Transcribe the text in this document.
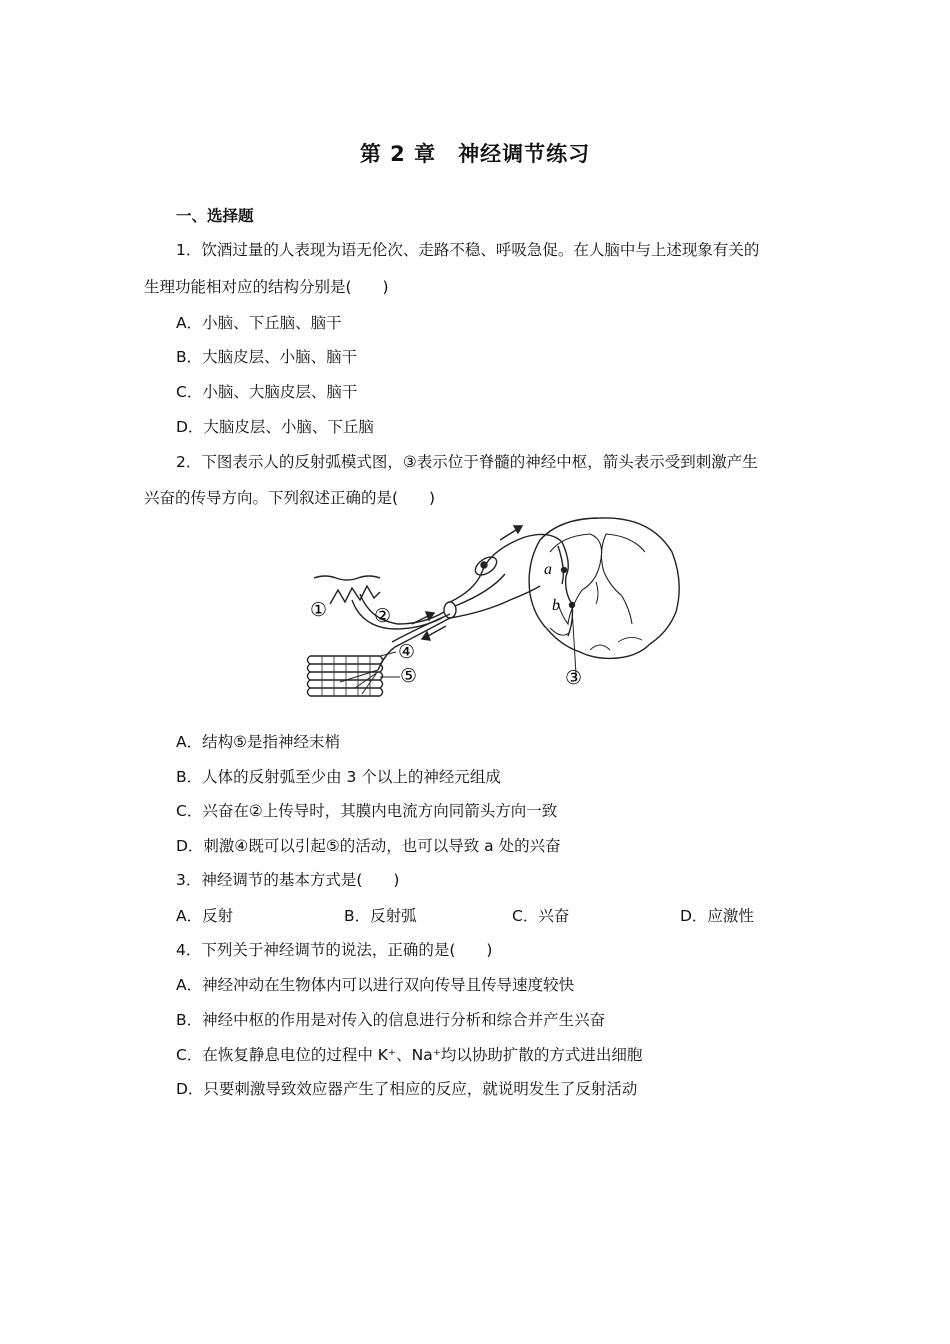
第 2 章　神经调节练习
一、选择题
1．饮酒过量的人表现为语无伦次、走路不稳、呼吸急促。在人脑中与上述现象有关的
生理功能相对应的结构分别是(　　)
A．小脑、下丘脑、脑干
B．大脑皮层、小脑、脑干
C．小脑、大脑皮层、脑干
D．大脑皮层、小脑、下丘脑
2．下图表示人的反射弧模式图，③表示位于脊髓的神经中枢，箭头表示受到刺激产生
兴奋的传导方向。下列叙述正确的是(　　)
① ②
④
⑤	③
a
b
A．结构⑤是指神经末梢
B．人体的反射弧至少由 3 个以上的神经元组成
C．兴奋在②上传导时，其膜内电流方向同箭头方向一致
D．刺激④既可以引起⑤的活动，也可以导致 a 处的兴奋
3．神经调节的基本方式是(　　)
A．反射	B．反射弧	C．兴奋	D．应激性
4．下列关于神经调节的说法，正确的是(　　)
A．神经冲动在生物体内可以进行双向传导且传导速度较快
B．神经中枢的作用是对传入的信息进行分析和综合并产生兴奋
C．在恢复静息电位的过程中 K⁺、Na⁺均以协助扩散的方式进出细胞
D．只要刺激导致效应器产生了相应的反应，就说明发生了反射活动
